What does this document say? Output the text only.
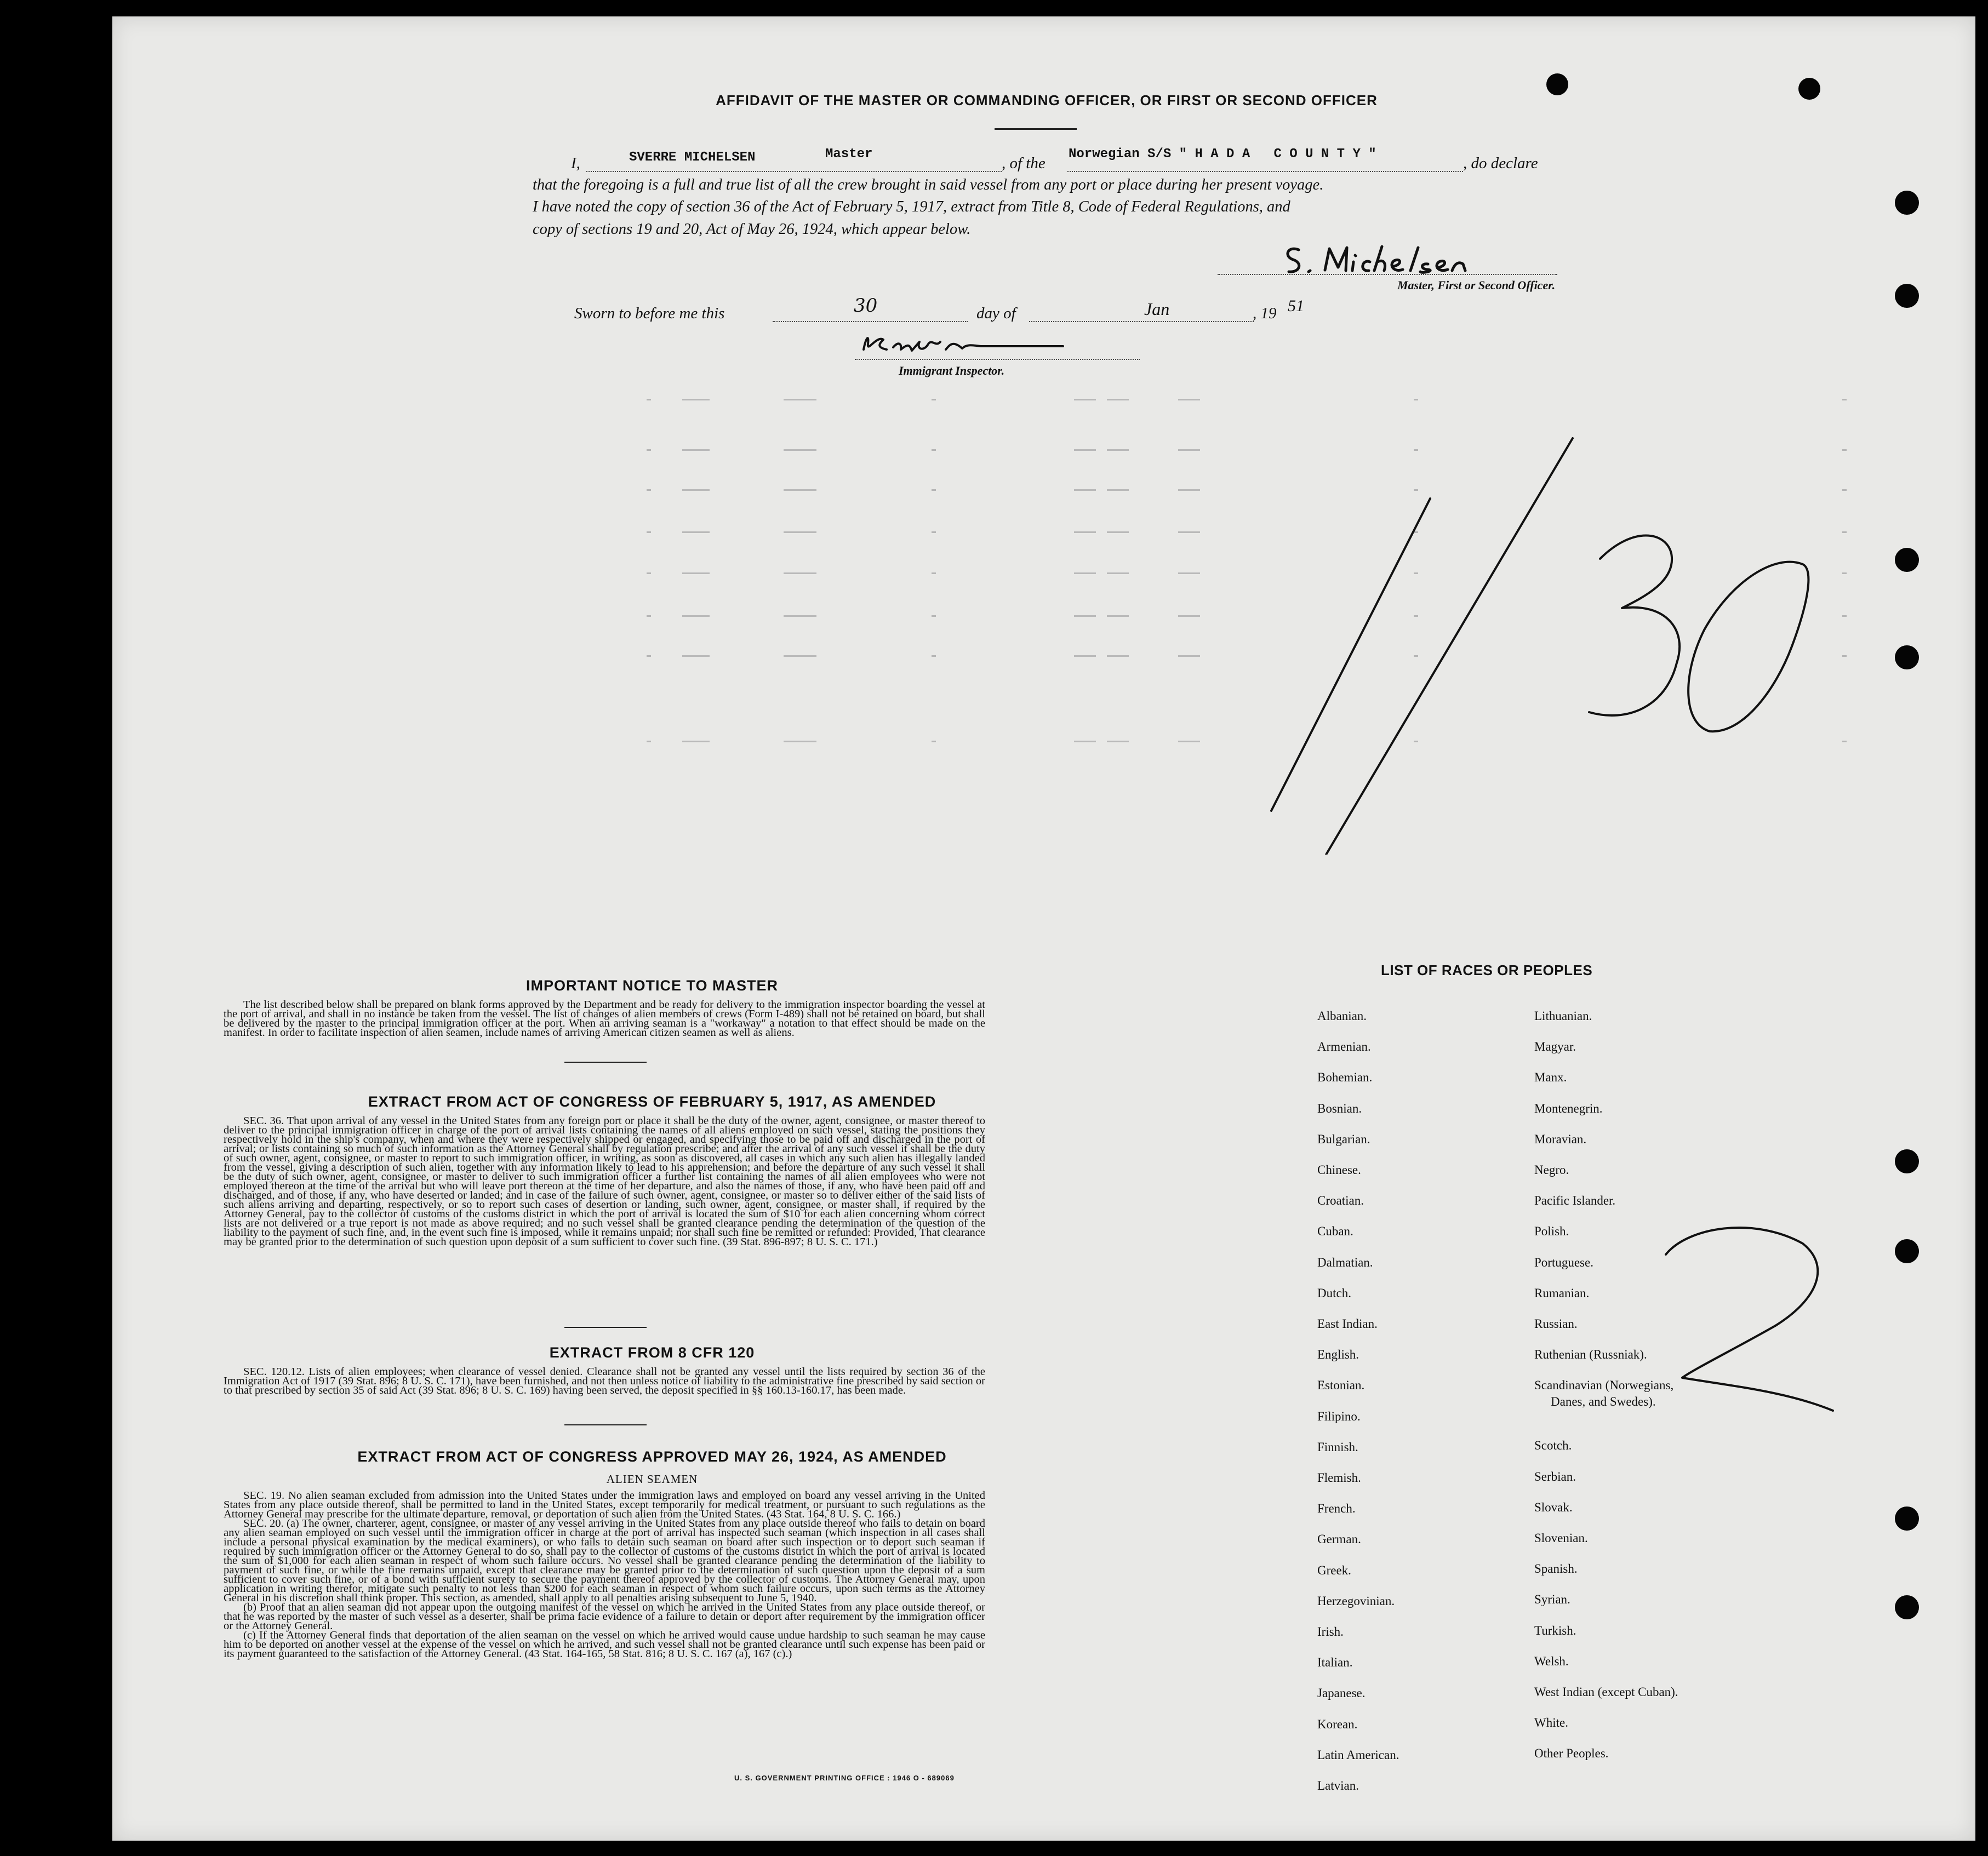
AFFIDAVIT OF THE MASTER OR COMMANDING OFFICER, OR FIRST OR SECOND OFFICER
I,	SVERRE MICHELSEN	Master
, of the
Norwegian S/S " H A D A   C O U N T Y "
, do declare
that the foregoing is a full and true list of all the crew brought in said vessel from any port or place during her present voyage.
I have noted the copy of section 36 of the Act of February 5, 1917, extract from Title 8, Code of Federal Regulations, and
copy of sections 19 and 20, Act of May 26, 1924, which appear below.
Master, First or Second Officer.
Sworn to before me this	30	day of	Jan	, 19 51
Immigrant Inspector.
IMPORTANT NOTICE TO MASTER

The list described below shall be prepared on blank forms approved by the Department and be ready for delivery to the immigration inspector boarding the vessel at the port of arrival, and shall in no instance be taken from the vessel. The list of changes of alien members of crews (Form I-489) shall not be retained on board, but shall be delivered by the master to the principal immigration officer at the port. When an arriving seaman is a "workaway" a notation to that effect should be made on the manifest. In order to facilitate inspection of alien seamen, include names of arriving American citizen seamen as well as aliens.

EXTRACT FROM ACT OF CONGRESS OF FEBRUARY 5, 1917, AS AMENDED

SEC. 36. That upon arrival of any vessel in the United States from any foreign port or place it shall be the duty of the owner, agent, consignee, or master thereof to deliver to the principal immigration officer in charge of the port of arrival lists containing the names of all aliens employed on such vessel, stating the positions they respectively hold in the ship's company, when and where they were respectively shipped or engaged, and specifying those to be paid off and discharged in the port of arrival; or lists containing so much of such information as the Attorney General shall by regulation prescribe; and after the arrival of any such vessel it shall be the duty of such owner, agent, consignee, or master to report to such immigration officer, in writing, as soon as discovered, all cases in which any such alien has illegally landed from the vessel, giving a description of such alien, together with any information likely to lead to his apprehension; and before the departure of any such vessel it shall be the duty of such owner, agent, consignee, or master to deliver to such immigration officer a further list containing the names of all alien employees who were not employed thereon at the time of the arrival but who will leave port thereon at the time of her departure, and also the names of those, if any, who have been paid off and discharged, and of those, if any, who have deserted or landed; and in case of the failure of such owner, agent, consignee, or master so to deliver either of the said lists of such aliens arriving and departing, respectively, or so to report such cases of desertion or landing, such owner, agent, consignee, or master shall, if required by the Attorney General, pay to the collector of customs of the customs district in which the port of arrival is located the sum of $10 for each alien concerning whom correct lists are not delivered or a true report is not made as above required; and no such vessel shall be granted clearance pending the determination of the question of the liability to the payment of such fine, and, in the event such fine is imposed, while it remains unpaid; nor shall such fine be remitted or refunded: Provided, That clearance may be granted prior to the determination of such question upon deposit of a sum sufficient to cover such fine. (39 Stat. 896-897; 8 U. S. C. 171.)

EXTRACT FROM 8 CFR 120

SEC. 120.12. Lists of alien employees; when clearance of vessel denied. Clearance shall not be granted any vessel until the lists required by section 36 of the Immigration Act of 1917 (39 Stat. 896; 8 U. S. C. 171), have been furnished, and not then unless notice of liability to the administrative fine prescribed by said section or to that prescribed by section 35 of said Act (39 Stat. 896; 8 U. S. C. 169) having been served, the deposit specified in §§ 160.13-160.17, has been made.

EXTRACT FROM ACT OF CONGRESS APPROVED MAY 26, 1924, AS AMENDED
ALIEN SEAMEN

SEC. 19. No alien seaman excluded from admission into the United States under the immigration laws and employed on board any vessel arriving in the United States from any place outside thereof, shall be permitted to land in the United States, except temporarily for medical treatment, or pursuant to such regulations as the Attorney General may prescribe for the ultimate departure, removal, or deportation of such alien from the United States. (43 Stat. 164, 8 U. S. C. 166.)

SEC. 20. (a) The owner, charterer, agent, consignee, or master of any vessel arriving in the United States from any place outside thereof who fails to detain on board any alien seaman employed on such vessel until the immigration officer in charge at the port of arrival has inspected such seaman (which inspection in all cases shall include a personal physical examination by the medical examiners), or who fails to detain such seaman on board after such inspection or to deport such seaman if required by such immigration officer or the Attorney General to do so, shall pay to the collector of customs of the customs district in which the port of arrival is located the sum of $1,000 for each alien seaman in respect of whom such failure occurs. No vessel shall be granted clearance pending the determination of the liability to payment of such fine, or while the fine remains unpaid, except that clearance may be granted prior to the determination of such question upon the deposit of a sum sufficient to cover such fine, or of a bond with sufficient surety to secure the payment thereof approved by the collector of customs. The Attorney General may, upon application in writing therefor, mitigate such penalty to not less than $200 for each seaman in respect of whom such failure occurs, upon such terms as the Attorney General in his discretion shall think proper. This section, as amended, shall apply to all penalties arising subsequent to June 5, 1940.

(b) Proof that an alien seaman did not appear upon the outgoing manifest of the vessel on which he arrived in the United States from any place outside thereof, or that he was reported by the master of such vessel as a deserter, shall be prima facie evidence of a failure to detain or deport after requirement by the immigration officer or the Attorney General.

(c) If the Attorney General finds that deportation of the alien seaman on the vessel on which he arrived would cause undue hardship to such seaman he may cause him to be deported on another vessel at the expense of the vessel on which he arrived, and such vessel shall not be granted clearance until such expense has been paid or its payment guaranteed to the satisfaction of the Attorney General. (43 Stat. 164-165, 58 Stat. 816; 8 U. S. C. 167 (a), 167 (c).)

U. S. GOVERNMENT PRINTING OFFICE : 1946 O - 689069
LIST OF RACES OR PEOPLES
Albanian.
Armenian.
Bohemian.
Bosnian.
Bulgarian.
Chinese.
Croatian.
Cuban.
Dalmatian.
Dutch.
East Indian.
English.
Estonian.
Filipino.
Finnish.
Flemish.
French.
German.
Greek.
Herzegovinian.
Irish.
Italian.
Japanese.
Korean.
Latin American.
Latvian.
Lithuanian.
Magyar.
Manx.
Montenegrin.
Moravian.
Negro.
Pacific Islander.
Polish.
Portuguese.
Rumanian.
Russian.
Ruthenian (Russniak).
Scandinavian (Norwegians,
Danes, and Swedes).
Scotch.
Serbian.
Slovak.
Slovenian.
Spanish.
Syrian.
Turkish.
Welsh.
West Indian (except Cuban).
White.
Other Peoples.
